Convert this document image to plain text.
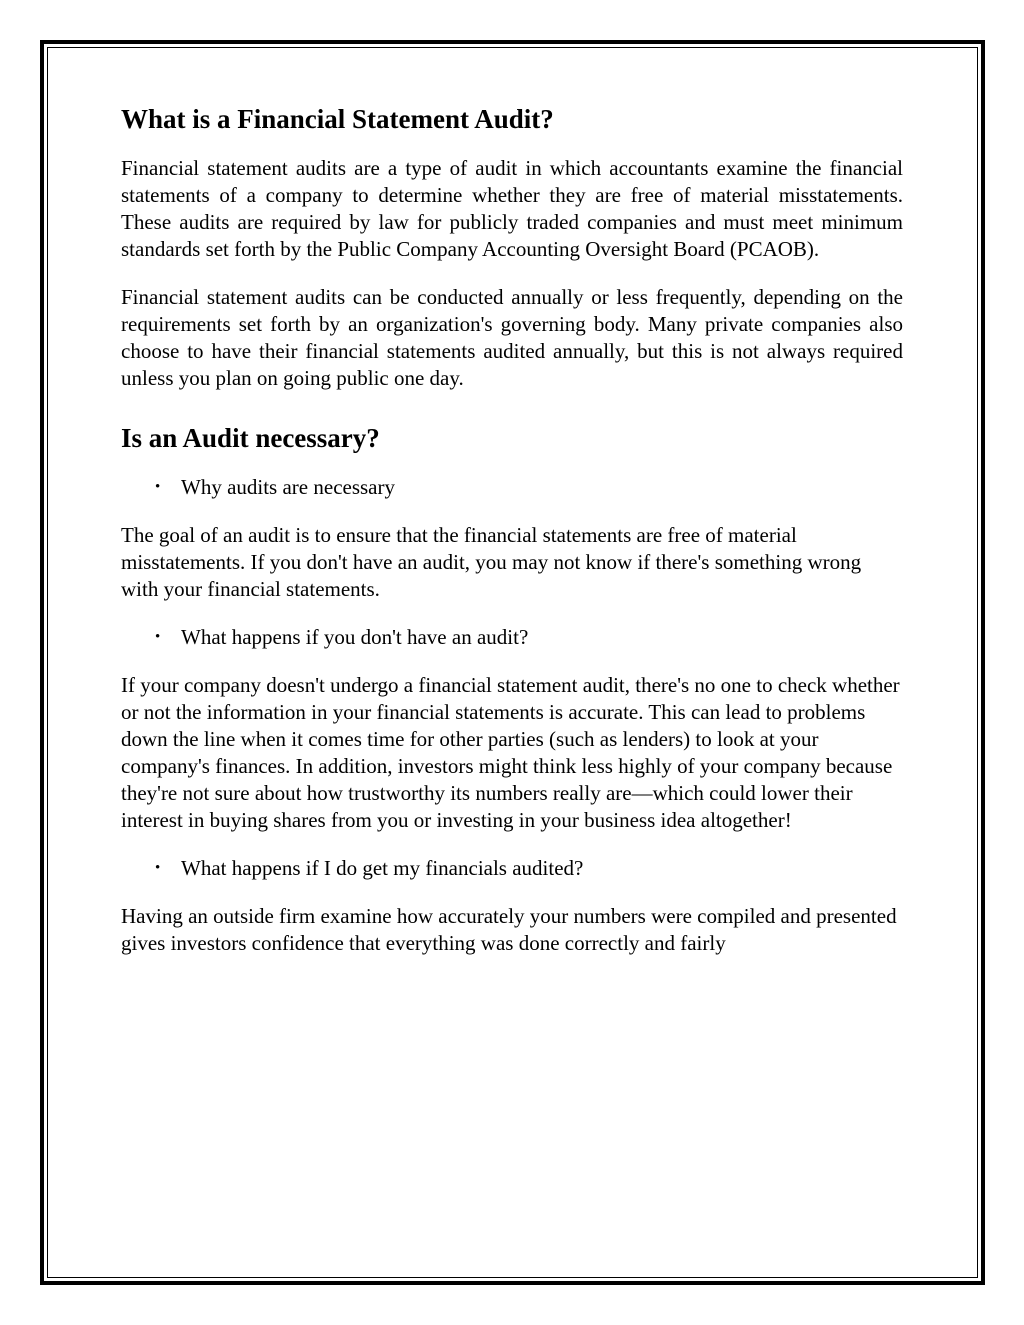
What is a Financial Statement Audit?

Financial statement audits are a type of audit in which accountants examine the financial statements of a company to determine whether they are free of material misstatements. These audits are required by law for publicly traded companies and must meet minimum standards set forth by the Public Company Accounting Oversight Board (PCAOB).

Financial statement audits can be conducted annually or less frequently, depending on the requirements set forth by an organization's governing body. Many private companies also choose to have their financial statements audited annually, but this is not always required unless you plan on going public one day.

Is an Audit necessary?
• Why audits are necessary

The goal of an audit is to ensure that the financial statements are free of material misstatements. If you don't have an audit, you may not know if there's something wrong with your financial statements.

• What happens if you don't have an audit?

If your company doesn't undergo a financial statement audit, there's no one to check whether or not the information in your financial statements is accurate. This can lead to problems down the line when it comes time for other parties (such as lenders) to look at your company's finances. In addition, investors might think less highly of your company because they're not sure about how trustworthy its numbers really are—which could lower their interest in buying shares from you or investing in your business idea altogether!

• What happens if I do get my financials audited?

Having an outside firm examine how accurately your numbers were compiled and presented gives investors confidence that everything was done correctly and fairly
